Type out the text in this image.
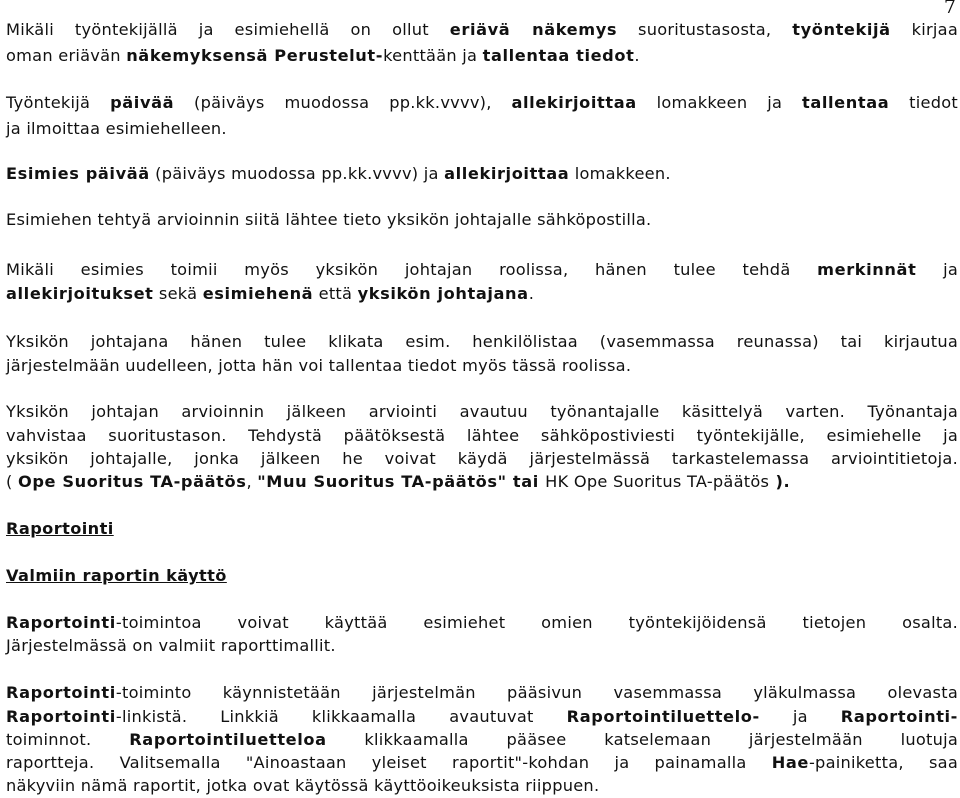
7

Mikäli työntekijällä ja esimiehellä on ollut eriävä näkemys suoritustasosta, työntekijä kirjaa

oman eriävän näkemyksensä Perustelut-kenttään ja tallentaa tiedot.

Työntekijä päivää (päiväys muodossa pp.kk.vvvv), allekirjoittaa lomakkeen ja tallentaa tiedot

ja ilmoittaa esimiehelleen.

Esimies päivää (päiväys muodossa pp.kk.vvvv) ja allekirjoittaa lomakkeen.

Esimiehen tehtyä arvioinnin siitä lähtee tieto yksikön johtajalle sähköpostilla.

Mikäli esimies toimii myös yksikön johtajan roolissa, hänen tulee tehdä merkinnät ja

allekirjoitukset sekä esimiehenä että yksikön johtajana.

Yksikön johtajana hänen tulee klikata esim. henkilölistaa (vasemmassa reunassa) tai kirjautua

järjestelmään uudelleen, jotta hän voi tallentaa tiedot myös tässä roolissa.

Yksikön johtajan arvioinnin jälkeen arviointi avautuu työnantajalle käsittelyä varten. Työnantaja

vahvistaa suoritustason. Tehdystä päätöksestä lähtee sähköpostiviesti työntekijälle, esimiehelle ja

yksikön johtajalle, jonka jälkeen he voivat käydä järjestelmässä tarkastelemassa arviointitietoja.

( Ope Suoritus TA-päätös, "Muu Suoritus TA-päätös" tai HK Ope Suoritus TA-päätös ).

Raportointi
Valmiin raportin käyttö

Raportointi-toimintoa voivat käyttää esimiehet omien työntekijöidensä tietojen osalta.

Järjestelmässä on valmiit raporttimallit.

Raportointi-toiminto käynnistetään järjestelmän pääsivun vasemmassa yläkulmassa olevasta

Raportointi-linkistä. Linkkiä klikkaamalla avautuvat Raportointiluettelo- ja Raportointi-

toiminnot. Raportointiluetteloa klikkaamalla pääsee katselemaan järjestelmään luotuja

raportteja. Valitsemalla "Ainoastaan yleiset raportit"-kohdan ja painamalla Hae-painiketta, saa

näkyviin nämä raportit, jotka ovat käytössä käyttöoikeuksista riippuen.
